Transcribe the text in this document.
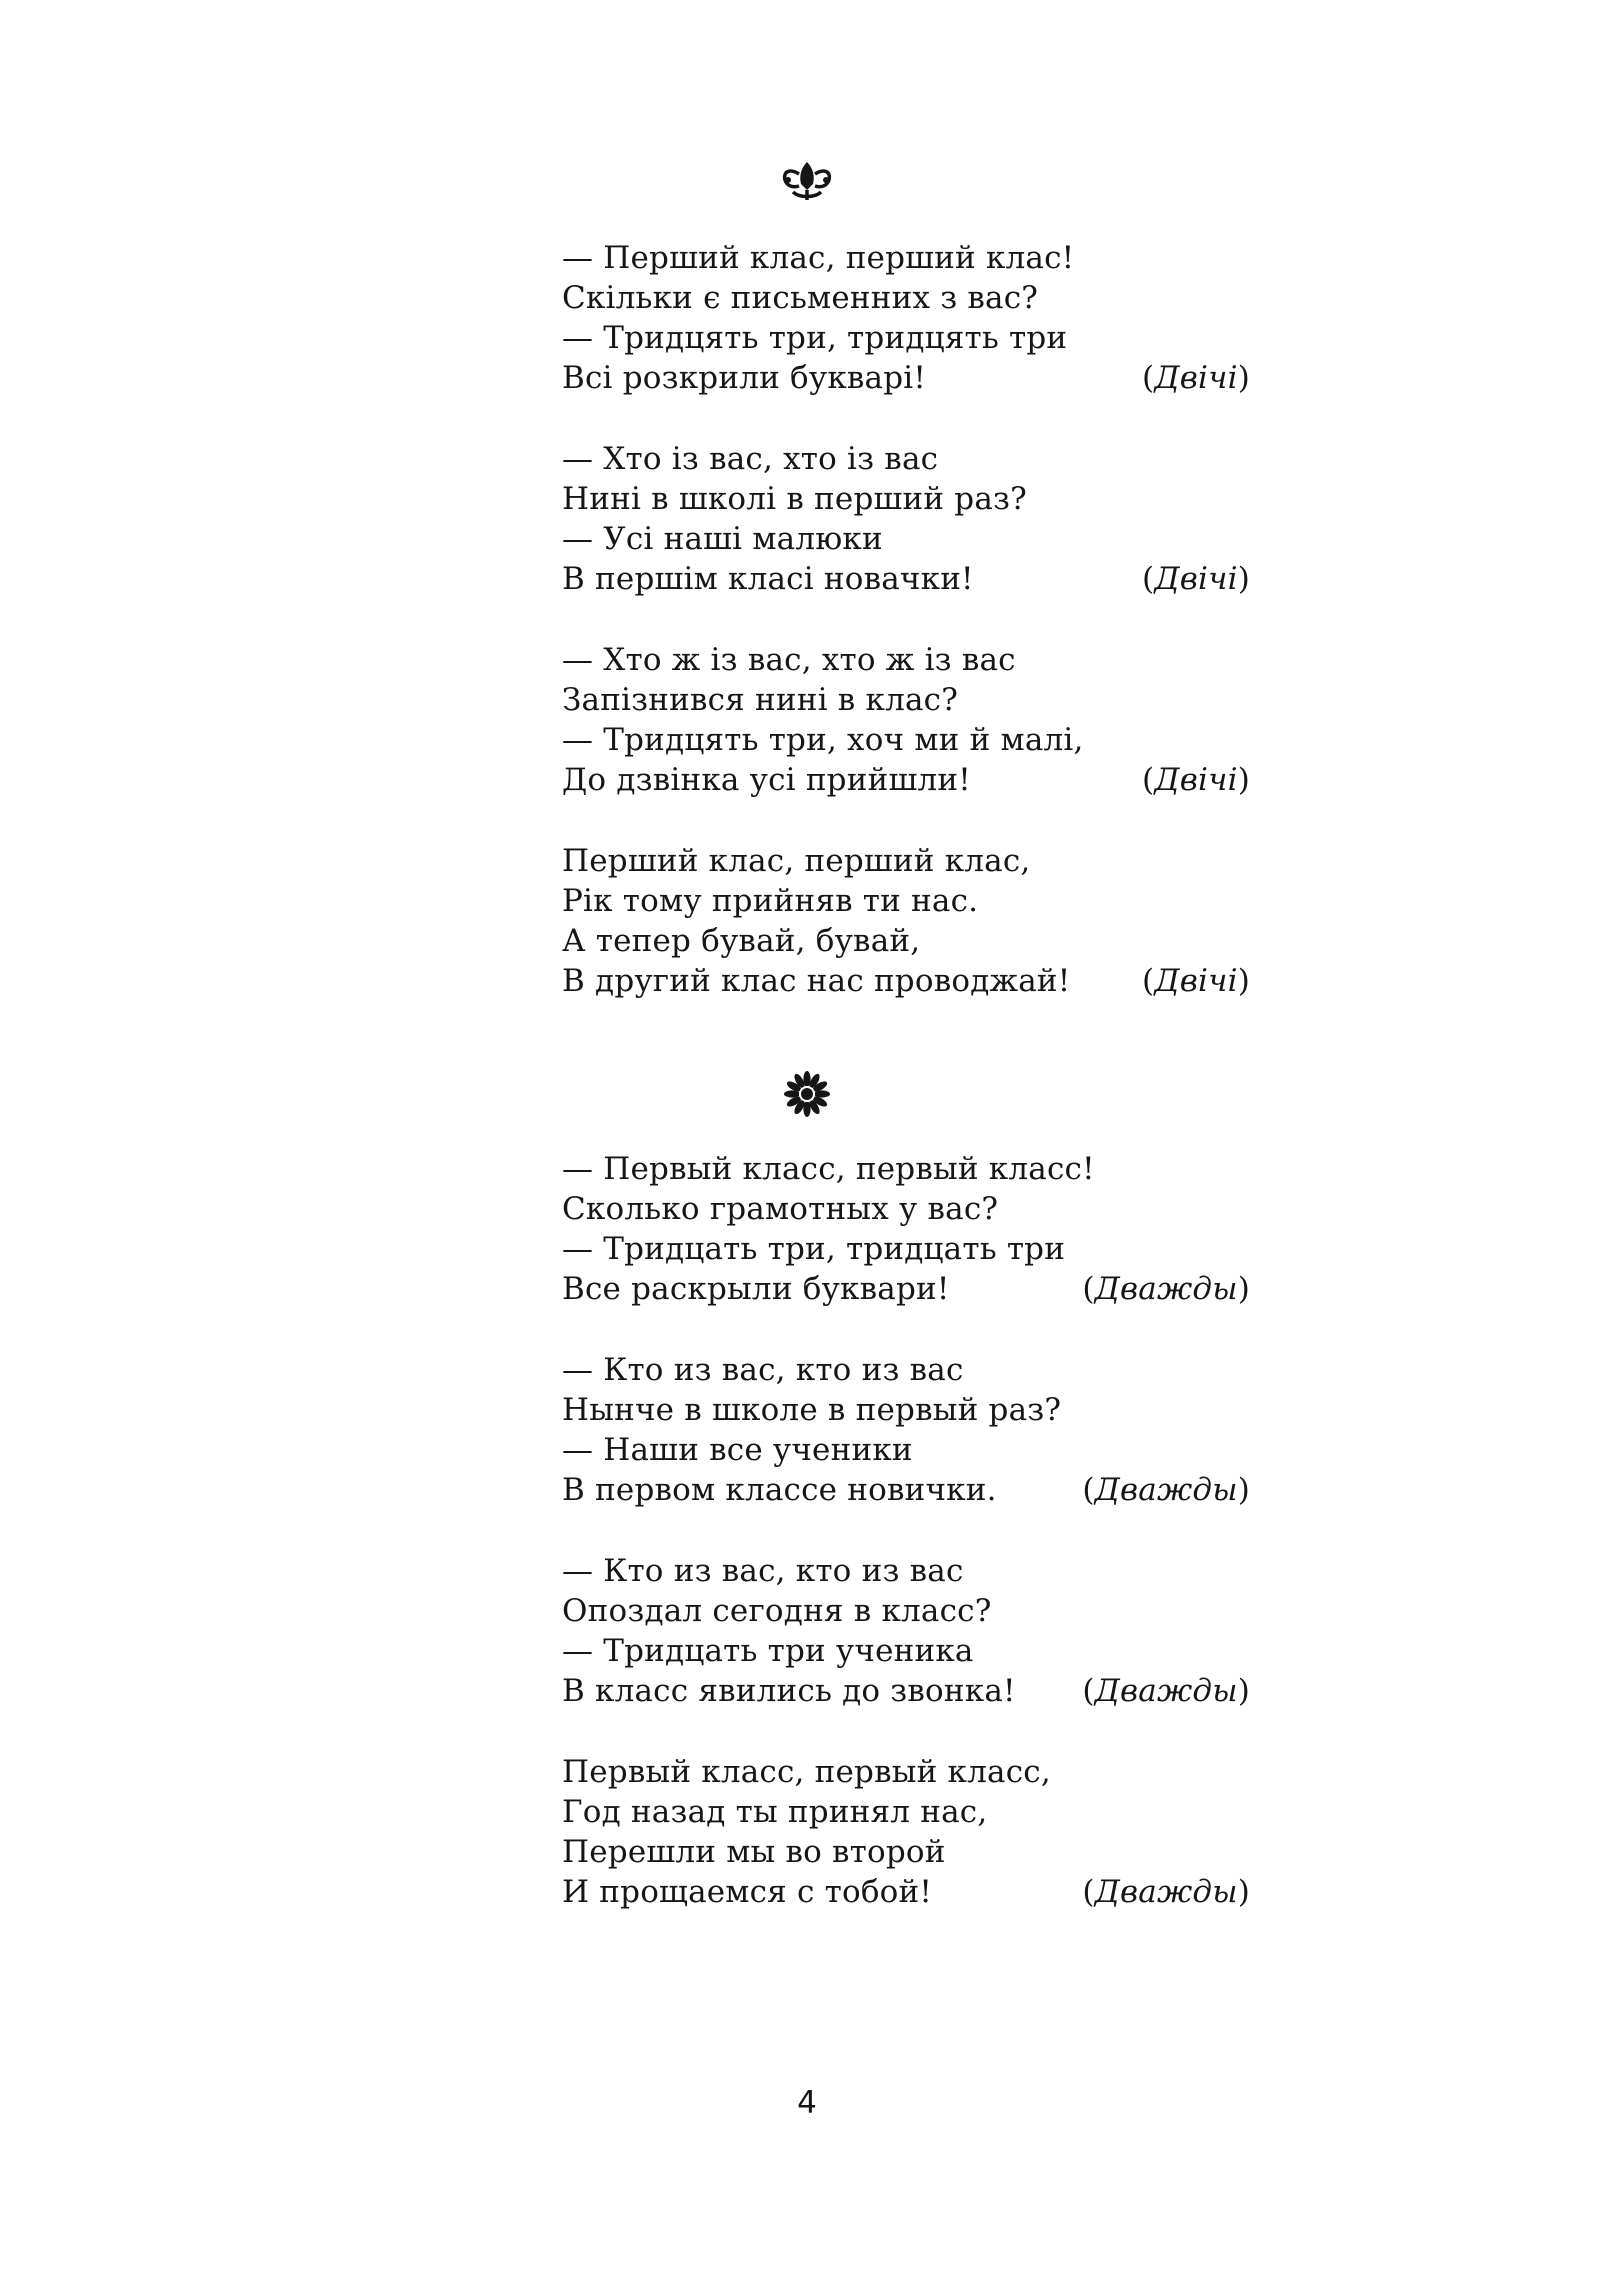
— Перший клас, перший клас!
Скільки є письменних з вас?
— Тридцять три, тридцять три
Всі розкрили букварі!	(Двічі)
— Хто із вас, хто із вас
Нині в школі в перший раз?
— Усі наші малюки
В першім класі новачки!	(Двічі)
— Хто ж із вас, хто ж із вас
Запізнився нині в клас?
— Тридцять три, хоч ми й малі,
До дзвінка усі прийшли!	(Двічі)
Перший клас, перший клас,
Рік тому прийняв ти нас.
А тепер бувай, бувай,
В другий клас нас проводжай! (Двічі)
— Первый класс, первый класс!
Сколько грамотных у вас?
— Тридцать три, тридцать три
Все раскрыли буквари!	(Дважды)
— Кто из вас, кто из вас
Нынче в школе в первый раз?
— Наши все ученики
В первом классе новички.	(Дважды)
— Кто из вас, кто из вас
Опоздал сегодня в класс?
— Тридцать три ученика
В класс явились до звонка! (Дважды)
Первый класс, первый класс,
Год назад ты принял нас,
Перешли мы во второй
И прощаемся с тобой!	(Дважды)
4
